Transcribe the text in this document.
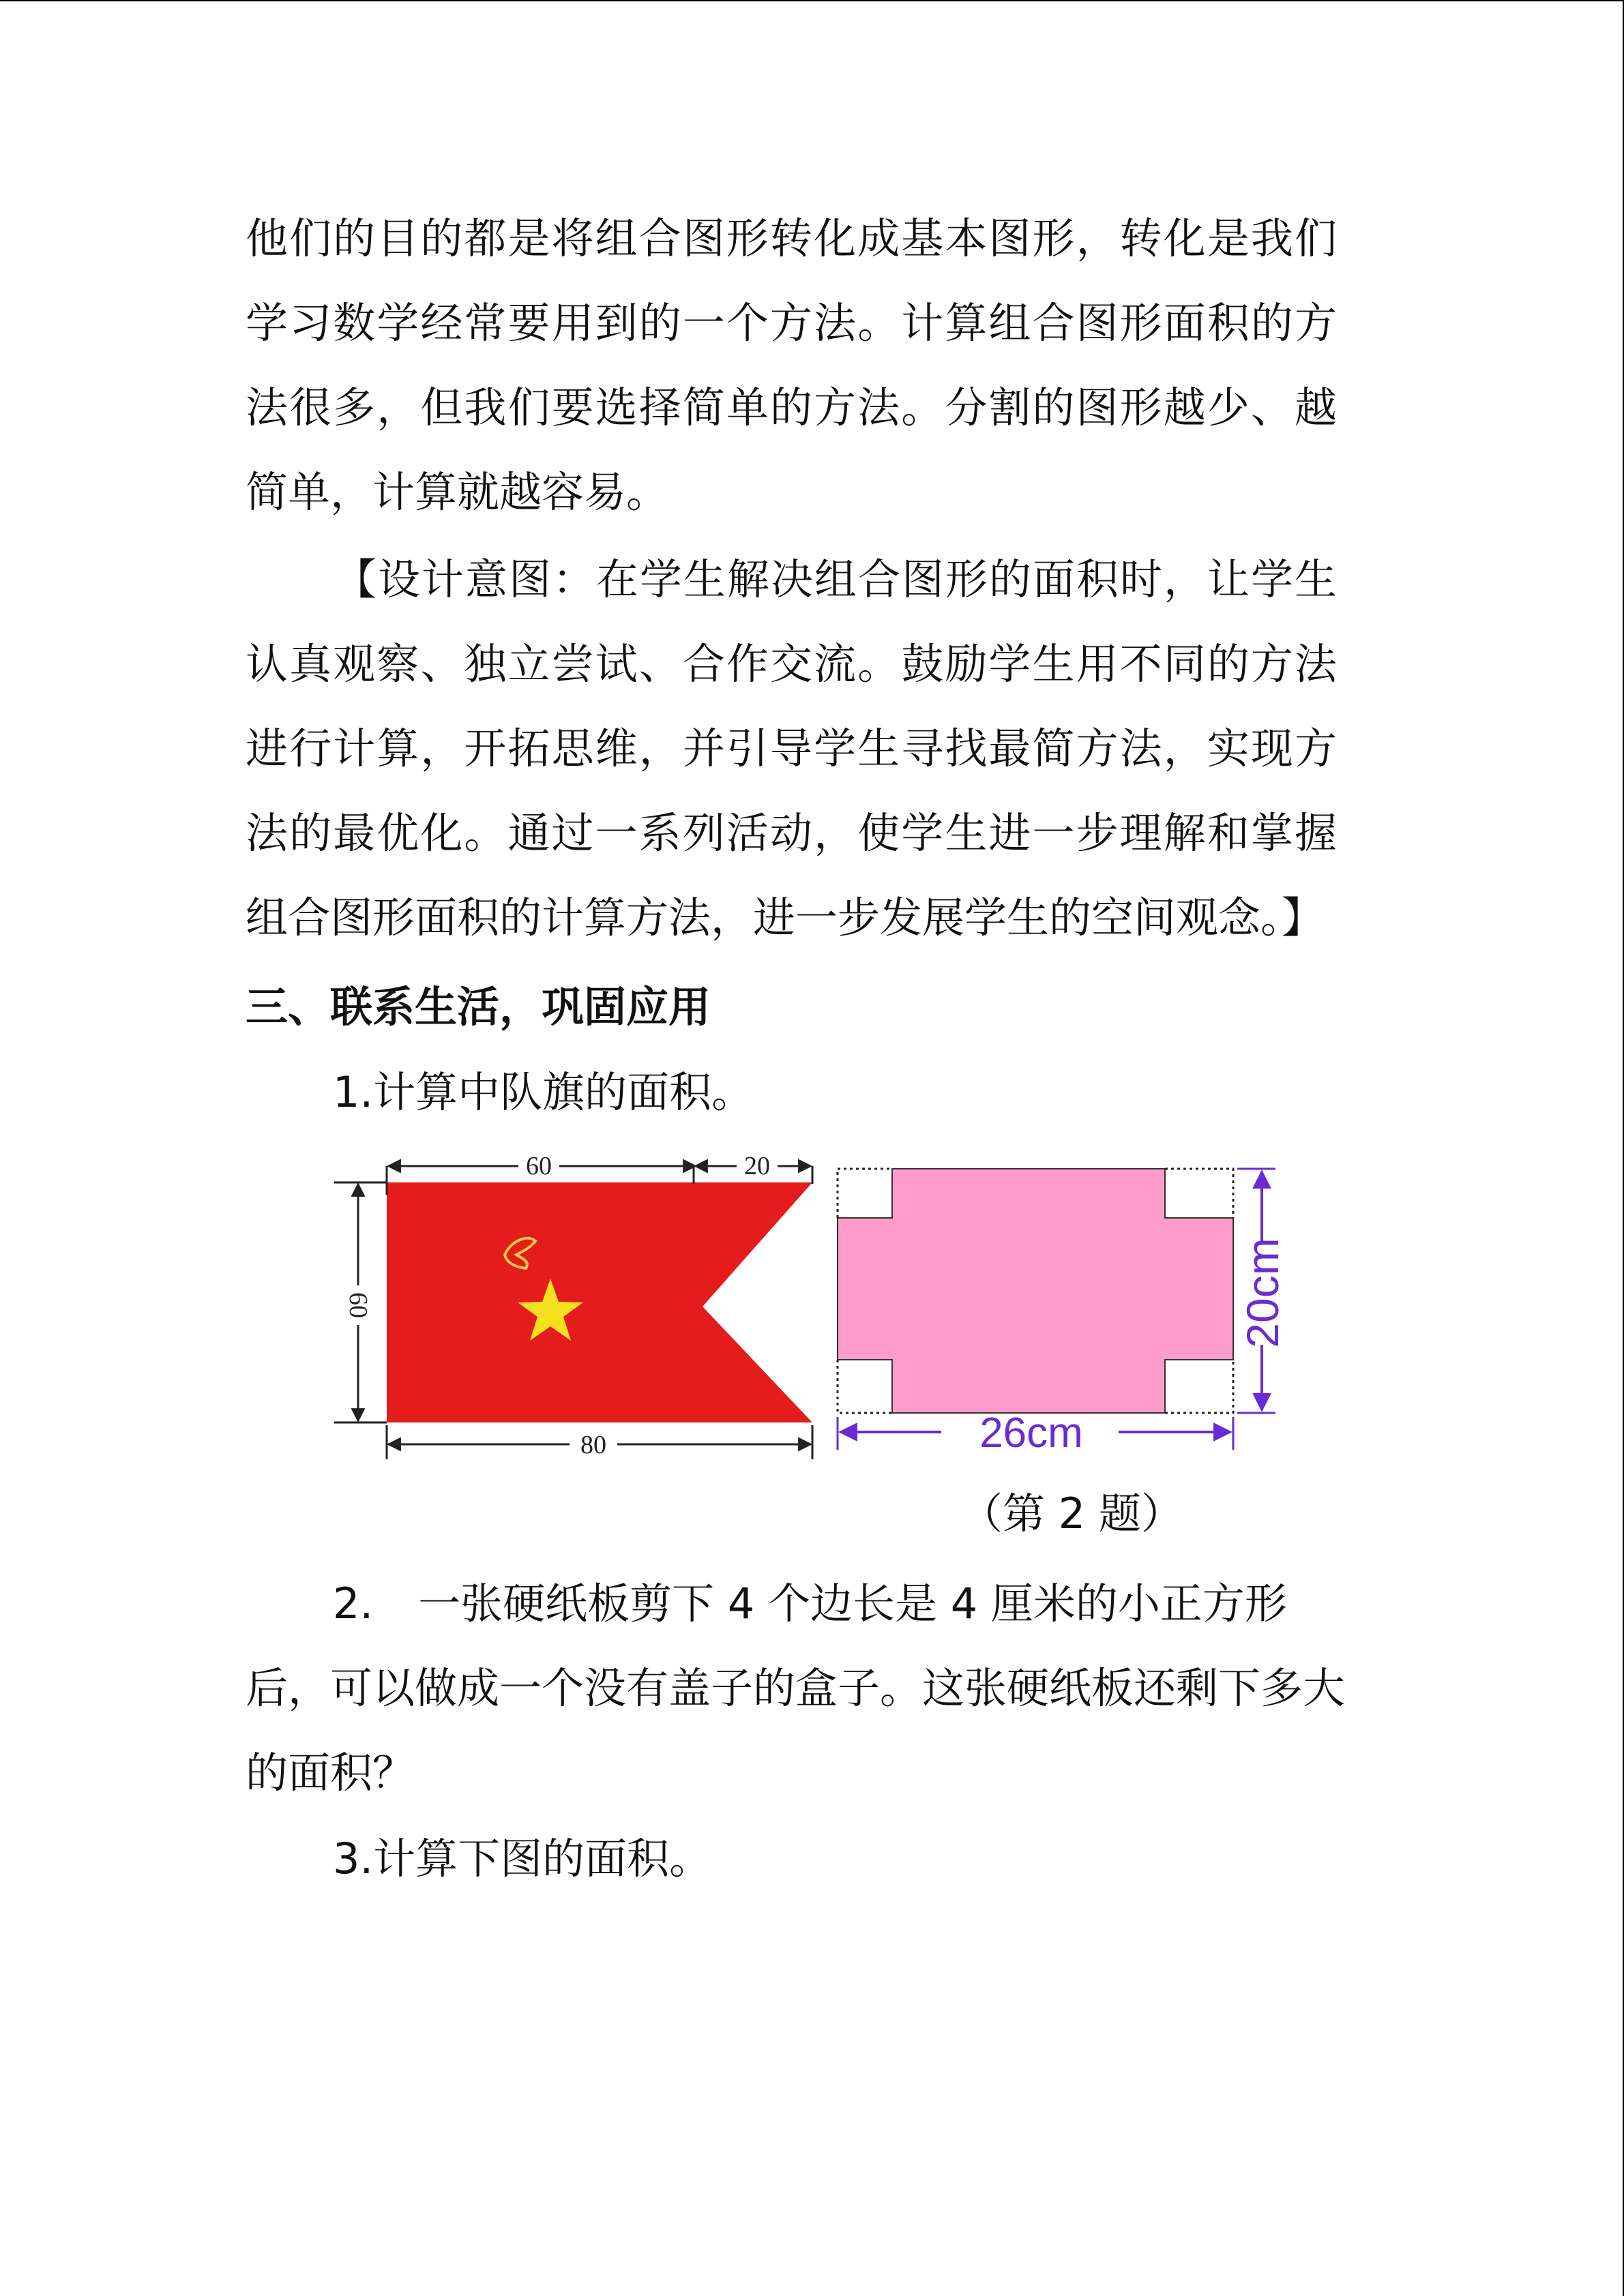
他们的目的都是将组合图形转化成基本图形，转化是我们学习数学经常要用到的一个方法。计算组合图形面积的方法很多，但我们要选择简单的方法。分割的图形越少、越简单，计算就越容易。

【设计意图：在学生解决组合图形的面积时，让学生认真观察、独立尝试、合作交流。鼓励学生用不同的方法进行计算，开拓思维，并引导学生寻找最简方法，实现方法的最优化。通过一系列活动，使学生进一步理解和掌握组合图形面积的计算方法，进一步发展学生的空间观念。】

三、联系生活，巩固应用

1.计算中队旗的面积。

60	20
60
80
20cm
26cm

（第 2 题）

2. 一张硬纸板剪下 4 个边长是 4 厘米的小正方形后，可以做成一个没有盖子的盒子。这张硬纸板还剩下多大的面积？

3.计算下图的面积。
